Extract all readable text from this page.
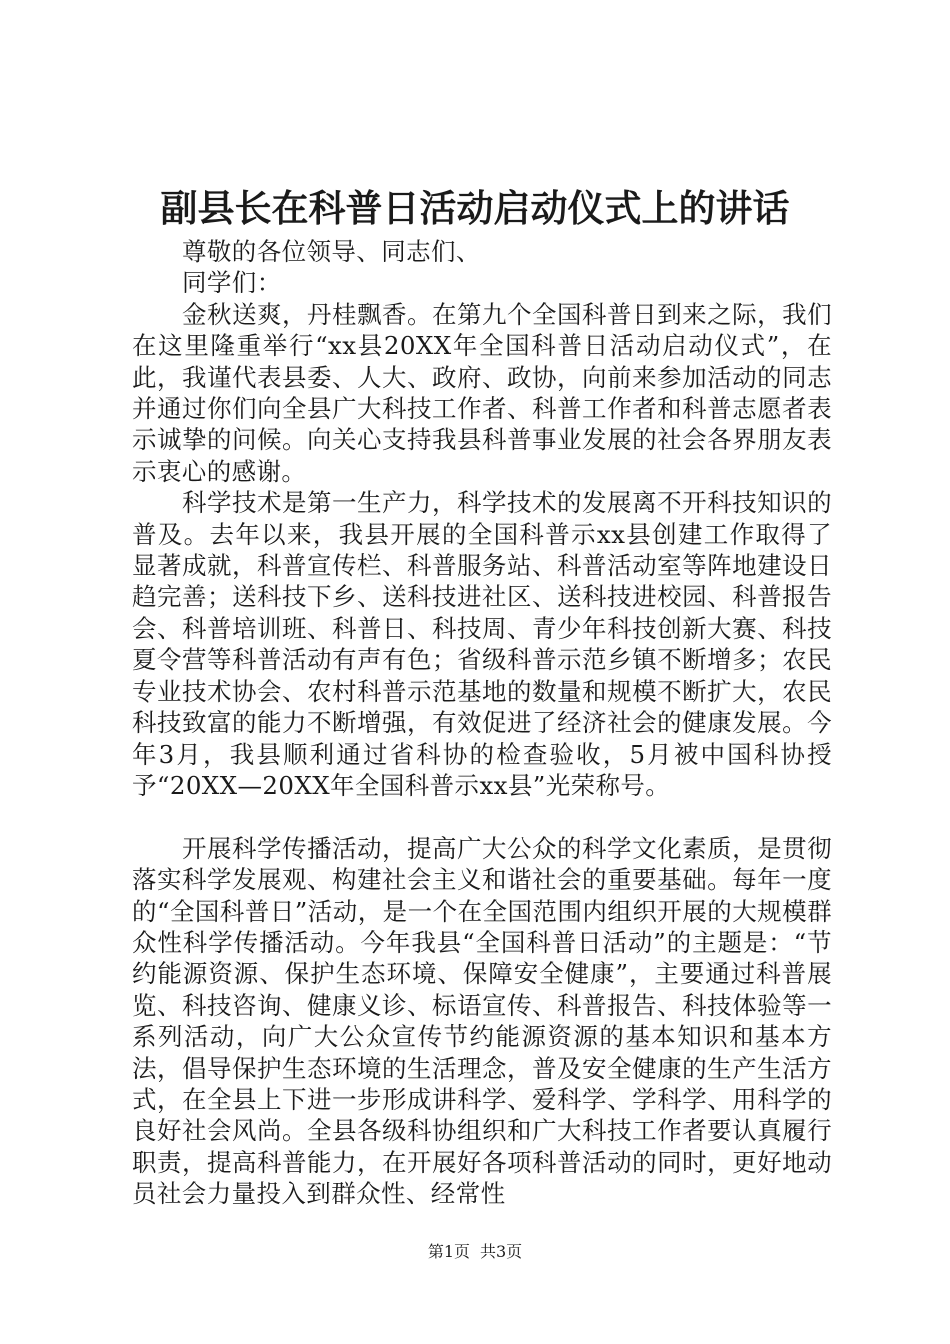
副县长在科普日活动启动仪式上的讲话

尊敬的各位领导、同志们、

同学们：

金秋送爽，丹桂飘香。在第九个全国科普日到来之际，我们在这里隆重举行“xx县20XX年全国科普日活动启动仪式”，在此，我谨代表县委、人大、政府、政协，向前来参加活动的同志并通过你们向全县广大科技工作者、科普工作者和科普志愿者表示诚挚的问候。向关心支持我县科普事业发展的社会各界朋友表示衷心的感谢。

科学技术是第一生产力，科学技术的发展离不开科技知识的普及。去年以来，我县开展的全国科普示xx县创建工作取得了显著成就，科普宣传栏、科普服务站、科普活动室等阵地建设日趋完善；送科技下乡、送科技进社区、送科技进校园、科普报告会、科普培训班、科普日、科技周、青少年科技创新大赛、科技夏令营等科普活动有声有色；省级科普示范乡镇不断增多；农民专业技术协会、农村科普示范基地的数量和规模不断扩大，农民科技致富的能力不断增强，有效促进了经济社会的健康发展。今年3月，我县顺利通过省科协的检查验收，5月被中国科协授予“20XX—20XX年全国科普示xx县”光荣称号。

开展科学传播活动，提高广大公众的科学文化素质，是贯彻落实科学发展观、构建社会主义和谐社会的重要基础。每年一度的“全国科普日”活动，是一个在全国范围内组织开展的大规模群众性科学传播活动。今年我县“全国科普日活动”的主题是：“节约能源资源、保护生态环境、保障安全健康”，主要通过科普展览、科技咨询、健康义诊、标语宣传、科普报告、科技体验等一系列活动，向广大公众宣传节约能源资源的基本知识和基本方法，倡导保护生态环境的生活理念，普及安全健康的生产生活方式，在全县上下进一步形成讲科学、爱科学、学科学、用科学的良好社会风尚。全县各级科协组织和广大科技工作者要认真履行职责，提高科普能力，在开展好各项科普活动的同时，更好地动员社会力量投入到群众性、经常性

第1页 共3页
